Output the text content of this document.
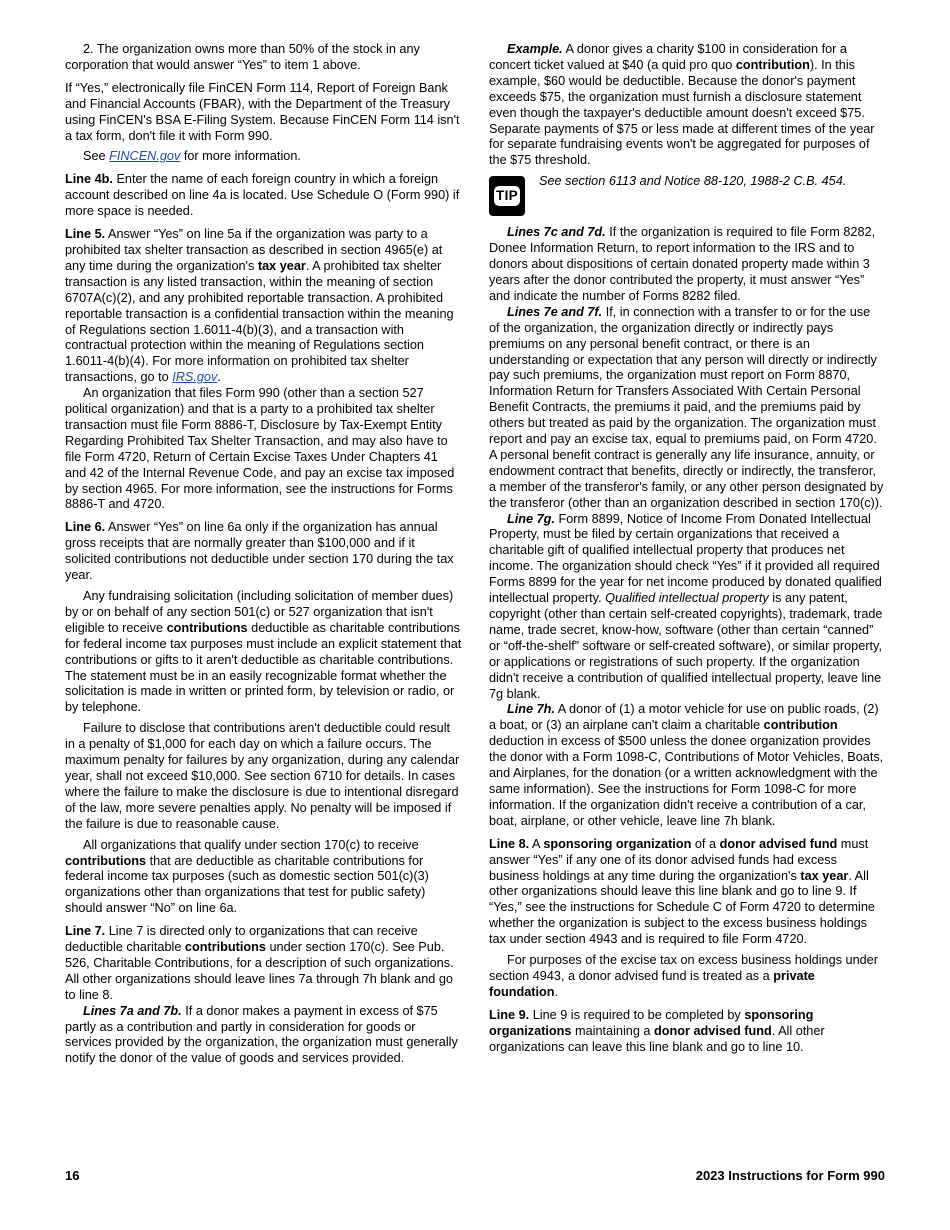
2. The organization owns more than 50% of the stock in any corporation that would answer “Yes” to item 1 above.

If “Yes,” electronically file FinCEN Form 114, Report of Foreign Bank and Financial Accounts (FBAR), with the Department of the Treasury using FinCEN's BSA E-Filing System. Because FinCEN Form 114 isn't a tax form, don't file it with Form 990.

See FINCEN.gov for more information.

Line 4b. Enter the name of each foreign country in which a foreign account described on line 4a is located. Use Schedule O (Form 990) if more space is needed.

Line 5. Answer “Yes” on line 5a if the organization was party to a prohibited tax shelter transaction as described in section 4965(e) at any time during the organization's tax year. A prohibited tax shelter transaction is any listed transaction, within the meaning of section 6707A(c)(2), and any prohibited reportable transaction. A prohibited reportable transaction is a confidential transaction within the meaning of Regulations section 1.6011-4(b)(3), and a transaction with contractual protection within the meaning of Regulations section 1.6011-4(b)(4). For more information on prohibited tax shelter transactions, go to IRS.gov.

An organization that files Form 990 (other than a section 527 political organization) and that is a party to a prohibited tax shelter transaction must file Form 8886-T, Disclosure by Tax-Exempt Entity Regarding Prohibited Tax Shelter Transaction, and may also have to file Form 4720, Return of Certain Excise Taxes Under Chapters 41 and 42 of the Internal Revenue Code, and pay an excise tax imposed by section 4965. For more information, see the instructions for Forms 8886-T and 4720.

Line 6. Answer “Yes” on line 6a only if the organization has annual gross receipts that are normally greater than $100,000 and if it solicited contributions not deductible under section 170 during the tax year.

Any fundraising solicitation (including solicitation of member dues) by or on behalf of any section 501(c) or 527 organization that isn't eligible to receive contributions deductible as charitable contributions for federal income tax purposes must include an explicit statement that contributions or gifts to it aren't deductible as charitable contributions. The statement must be in an easily recognizable format whether the solicitation is made in written or printed form, by television or radio, or by telephone.

Failure to disclose that contributions aren't deductible could result in a penalty of $1,000 for each day on which a failure occurs. The maximum penalty for failures by any organization, during any calendar year, shall not exceed $10,000. See section 6710 for details. In cases where the failure to make the disclosure is due to intentional disregard of the law, more severe penalties apply. No penalty will be imposed if the failure is due to reasonable cause.

All organizations that qualify under section 170(c) to receive contributions that are deductible as charitable contributions for federal income tax purposes (such as domestic section 501(c)(3) organizations other than organizations that test for public safety) should answer “No” on line 6a.

Line 7. Line 7 is directed only to organizations that can receive deductible charitable contributions under section 170(c). See Pub. 526, Charitable Contributions, for a description of such organizations. All other organizations should leave lines 7a through 7h blank and go to line 8.

Lines 7a and 7b. If a donor makes a payment in excess of $75 partly as a contribution and partly in consideration for goods or services provided by the organization, the organization must generally notify the donor of the value of goods and services provided.

Example. A donor gives a charity $100 in consideration for a concert ticket valued at $40 (a quid pro quo contribution). In this example, $60 would be deductible. Because the donor's payment exceeds $75, the organization must furnish a disclosure statement even though the taxpayer's deductible amount doesn't exceed $75. Separate payments of $75 or less made at different times of the year for separate fundraising events won't be aggregated for purposes of the $75 threshold.

TIP

See section 6113 and Notice 88-120, 1988-2 C.B. 454.

Lines 7c and 7d. If the organization is required to file Form 8282, Donee Information Return, to report information to the IRS and to donors about dispositions of certain donated property made within 3 years after the donor contributed the property, it must answer “Yes” and indicate the number of Forms 8282 filed.

Lines 7e and 7f. If, in connection with a transfer to or for the use of the organization, the organization directly or indirectly pays premiums on any personal benefit contract, or there is an understanding or expectation that any person will directly or indirectly pay such premiums, the organization must report on Form 8870, Information Return for Transfers Associated With Certain Personal Benefit Contracts, the premiums it paid, and the premiums paid by others but treated as paid by the organization. The organization must report and pay an excise tax, equal to premiums paid, on Form 4720. A personal benefit contract is generally any life insurance, annuity, or endowment contract that benefits, directly or indirectly, the transferor, a member of the transferor's family, or any other person designated by the transferor (other than an organization described in section 170(c)).

Line 7g. Form 8899, Notice of Income From Donated Intellectual Property, must be filed by certain organizations that received a charitable gift of qualified intellectual property that produces net income. The organization should check “Yes” if it provided all required Forms 8899 for the year for net income produced by donated qualified intellectual property. Qualified intellectual property is any patent, copyright (other than certain self-created copyrights), trademark, trade name, trade secret, know-how, software (other than certain “canned” or “off-the-shelf” software or self-created software), or similar property, or applications or registrations of such property. If the organization didn't receive a contribution of qualified intellectual property, leave line 7g blank.

Line 7h. A donor of (1) a motor vehicle for use on public roads, (2) a boat, or (3) an airplane can't claim a charitable contribution deduction in excess of $500 unless the donee organization provides the donor with a Form 1098-C, Contributions of Motor Vehicles, Boats, and Airplanes, for the donation (or a written acknowledgment with the same information). See the instructions for Form 1098-C for more information. If the organization didn't receive a contribution of a car, boat, airplane, or other vehicle, leave line 7h blank.

Line 8. A sponsoring organization of a donor advised fund must answer “Yes” if any one of its donor advised funds had excess business holdings at any time during the organization's tax year. All other organizations should leave this line blank and go to line 9. If “Yes,” see the instructions for Schedule C of Form 4720 to determine whether the organization is subject to the excess business holdings tax under section 4943 and is required to file Form 4720.

For purposes of the excise tax on excess business holdings under section 4943, a donor advised fund is treated as a private foundation.

Line 9. Line 9 is required to be completed by sponsoring organizations maintaining a donor advised fund. All other organizations can leave this line blank and go to line 10.

16	2023 Instructions for Form 990
